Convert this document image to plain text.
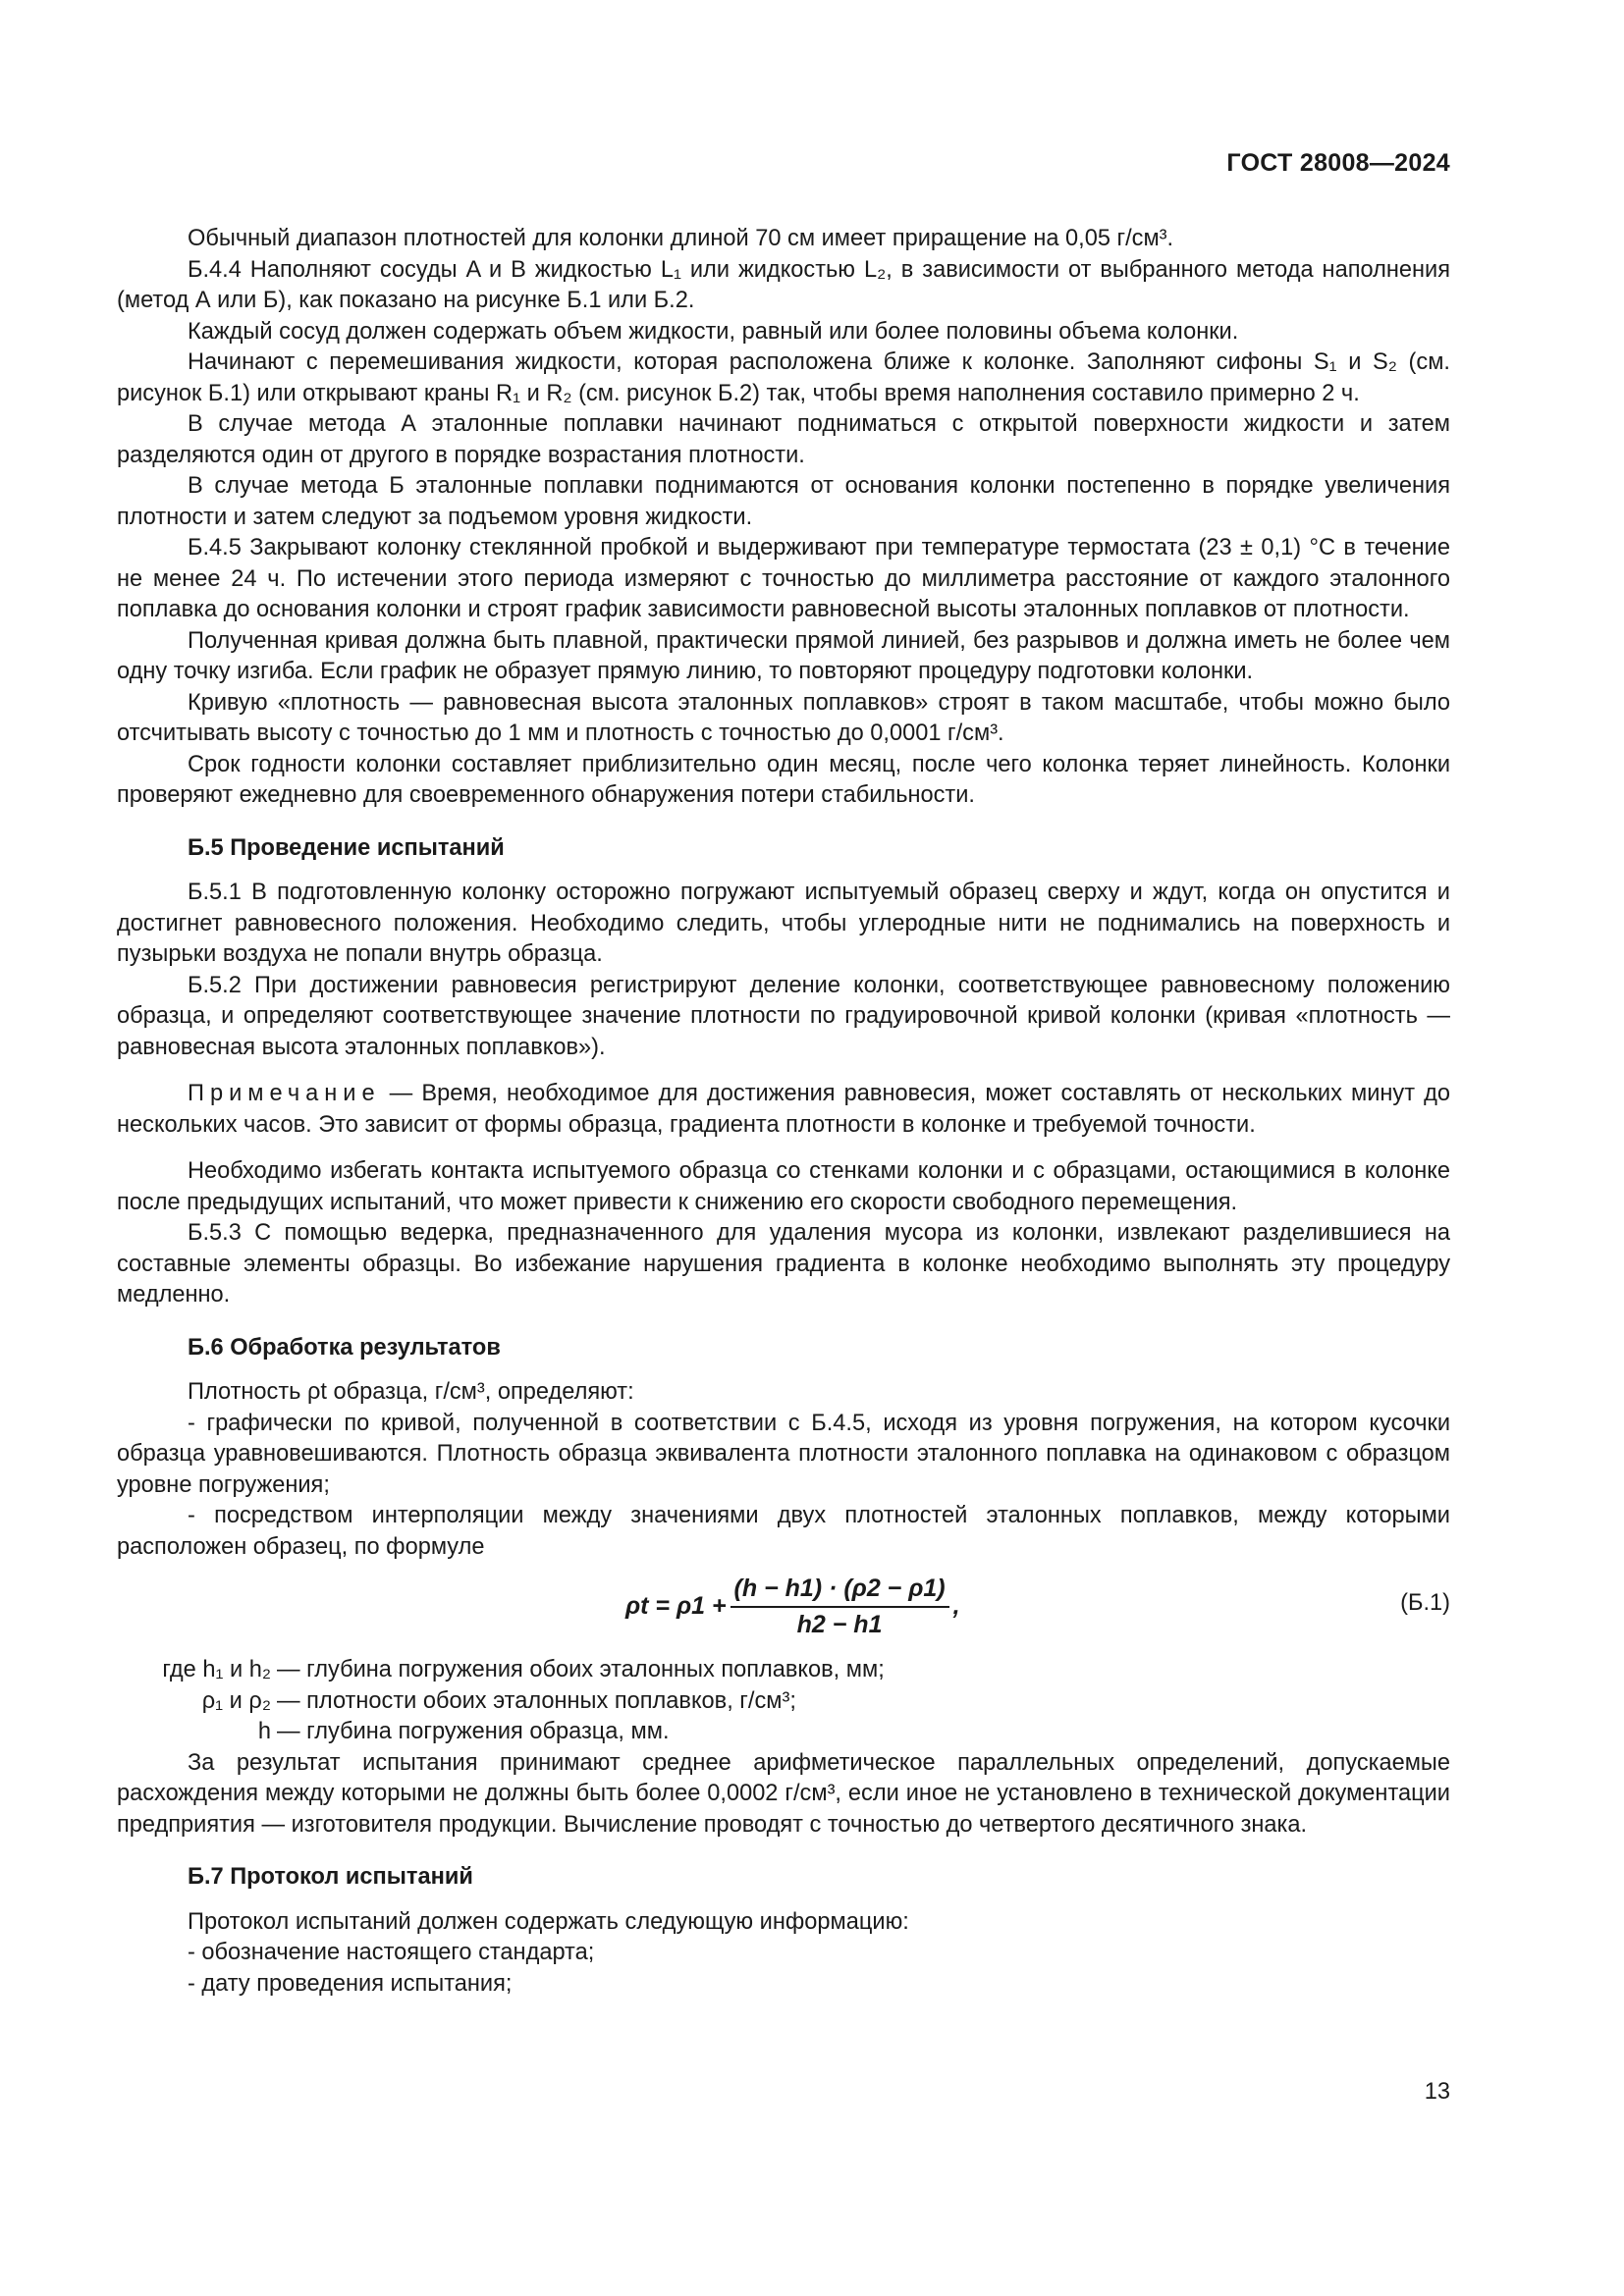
ГОСТ 28008—2024

Обычный диапазон плотностей для колонки длиной 70 см имеет приращение на 0,05 г/см³.

Б.4.4 Наполняют сосуды A и B жидкостью L₁ или жидкостью L₂, в зависимости от выбранного метода наполнения (метод А или Б), как показано на рисунке Б.1 или Б.2.

Каждый сосуд должен содержать объем жидкости, равный или более половины объема колонки.

Начинают с перемешивания жидкости, которая расположена ближе к колонке. Заполняют сифоны S₁ и S₂ (см. рисунок Б.1) или открывают краны R₁ и R₂ (см. рисунок Б.2) так, чтобы время наполнения составило примерно 2 ч.

В случае метода А эталонные поплавки начинают подниматься с открытой поверхности жидкости и затем разделяются один от другого в порядке возрастания плотности.

В случае метода Б эталонные поплавки поднимаются от основания колонки постепенно в порядке увеличения плотности и затем следуют за подъемом уровня жидкости.

Б.4.5 Закрывают колонку стеклянной пробкой и выдерживают при температуре термостата (23 ± 0,1) °С в течение не менее 24 ч. По истечении этого периода измеряют с точностью до миллиметра расстояние от каждого эталонного поплавка до основания колонки и строят график зависимости равновесной высоты эталонных поплавков от плотности.

Полученная кривая должна быть плавной, практически прямой линией, без разрывов и должна иметь не более чем одну точку изгиба. Если график не образует прямую линию, то повторяют процедуру подготовки колонки.

Кривую «плотность — равновесная высота эталонных поплавков» строят в таком масштабе, чтобы можно было отсчитывать высоту с точностью до 1 мм и плотность с точностью до 0,0001 г/см³.

Срок годности колонки составляет приблизительно один месяц, после чего колонка теряет линейность. Колонки проверяют ежедневно для своевременного обнаружения потери стабильности.

Б.5 Проведение испытаний

Б.5.1 В подготовленную колонку осторожно погружают испытуемый образец сверху и ждут, когда он опустится и достигнет равновесного положения. Необходимо следить, чтобы углеродные нити не поднимались на поверхность и пузырьки воздуха не попали внутрь образца.

Б.5.2 При достижении равновесия регистрируют деление колонки, соответствующее равновесному положению образца, и определяют соответствующее значение плотности по градуировочной кривой колонки (кривая «плотность — равновесная высота эталонных поплавков»).

Примечание — Время, необходимое для достижения равновесия, может составлять от нескольких минут до нескольких часов. Это зависит от формы образца, градиента плотности в колонке и требуемой точности.

Необходимо избегать контакта испытуемого образца со стенками колонки и с образцами, остающимися в колонке после предыдущих испытаний, что может привести к снижению его скорости свободного перемещения.

Б.5.3 С помощью ведерка, предназначенного для удаления мусора из колонки, извлекают разделившиеся на составные элементы образцы. Во избежание нарушения градиента в колонке необходимо выполнять эту процедуру медленно.

Б.6 Обработка результатов

Плотность ρt образца, г/см³, определяют:

- графически по кривой, полученной в соответствии с Б.4.5, исходя из уровня погружения, на котором кусочки образца уравновешиваются. Плотность образца эквивалента плотности эталонного поплавка на одинаковом с образцом уровне погружения;

- посредством интерполяции между значениями двух плотностей эталонных поплавков, между которыми расположен образец, по формуле

$\rho t = \rho 1 + \frac{(h - h1) \cdot (\rho 2 - \rho 1)}{h2 - h1}$ ,	(Б.1)
где h₁ и h₂ — глубина погружения обоих эталонных поплавков, мм;
ρ₁ и ρ₂ — плотности обоих эталонных поплавков, г/см³;
h — глубина погружения образца, мм.

За результат испытания принимают среднее арифметическое параллельных определений, допускаемые расхождения между которыми не должны быть более 0,0002 г/см³, если иное не установлено в технической документации предприятия — изготовителя продукции. Вычисление проводят с точностью до четвертого десятичного знака.

Б.7 Протокол испытаний

Протокол испытаний должен содержать следующую информацию:

- обозначение настоящего стандарта;

- дату проведения испытания;

13
